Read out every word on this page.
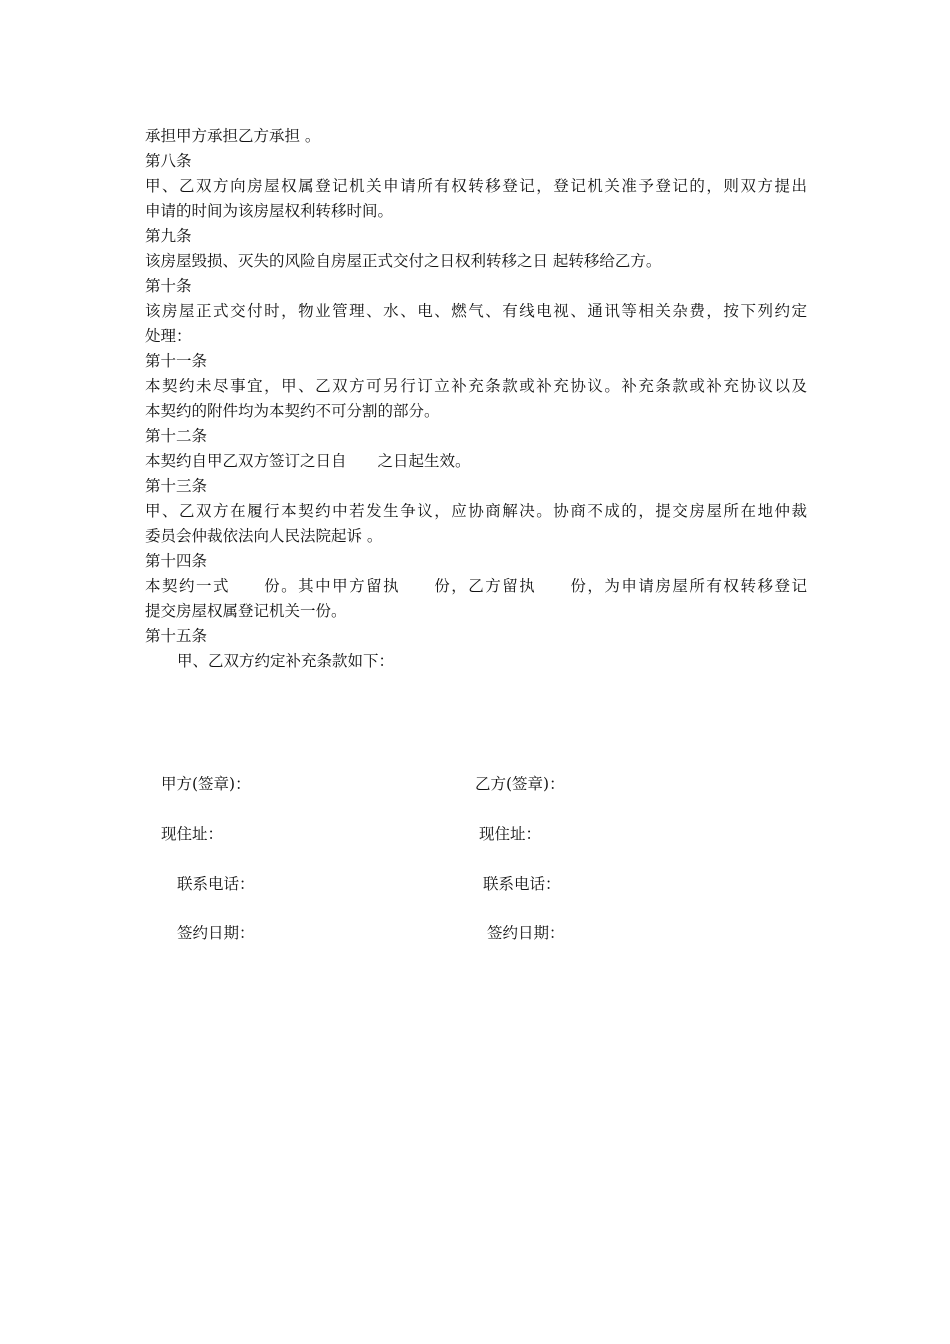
承担甲方承担乙方承担 。
第八条
甲、乙双方向房屋权属登记机关申请所有权转移登记，登记机关准予登记的，则双方提出
申请的时间为该房屋权利转移时间。
第九条
该房屋毁损、灭失的风险自房屋正式交付之日权利转移之日 起转移给乙方。
第十条
该房屋正式交付时，物业管理、水、电、燃气、有线电视、通讯等相关杂费，按下列约定
处理：
第十一条
本契约未尽事宜，甲、乙双方可另行订立补充条款或补充协议。补充条款或补充协议以及
本契约的附件均为本契约不可分割的部分。
第十二条
本契约自甲乙双方签订之日自　　之日起生效。
第十三条
甲、乙双方在履行本契约中若发生争议，应协商解决。协商不成的，提交房屋所在地仲裁
委员会仲裁依法向人民法院起诉 。
第十四条
本契约一式　　份。其中甲方留执　　份，乙方留执　　份，为申请房屋所有权转移登记
提交房屋权属登记机关一份。
第十五条
甲、乙双方约定补充条款如下：
甲方(签章)：	乙方(签章)：
现住址：	现住址：
联系电话：	联系电话：
签约日期：	签约日期：
